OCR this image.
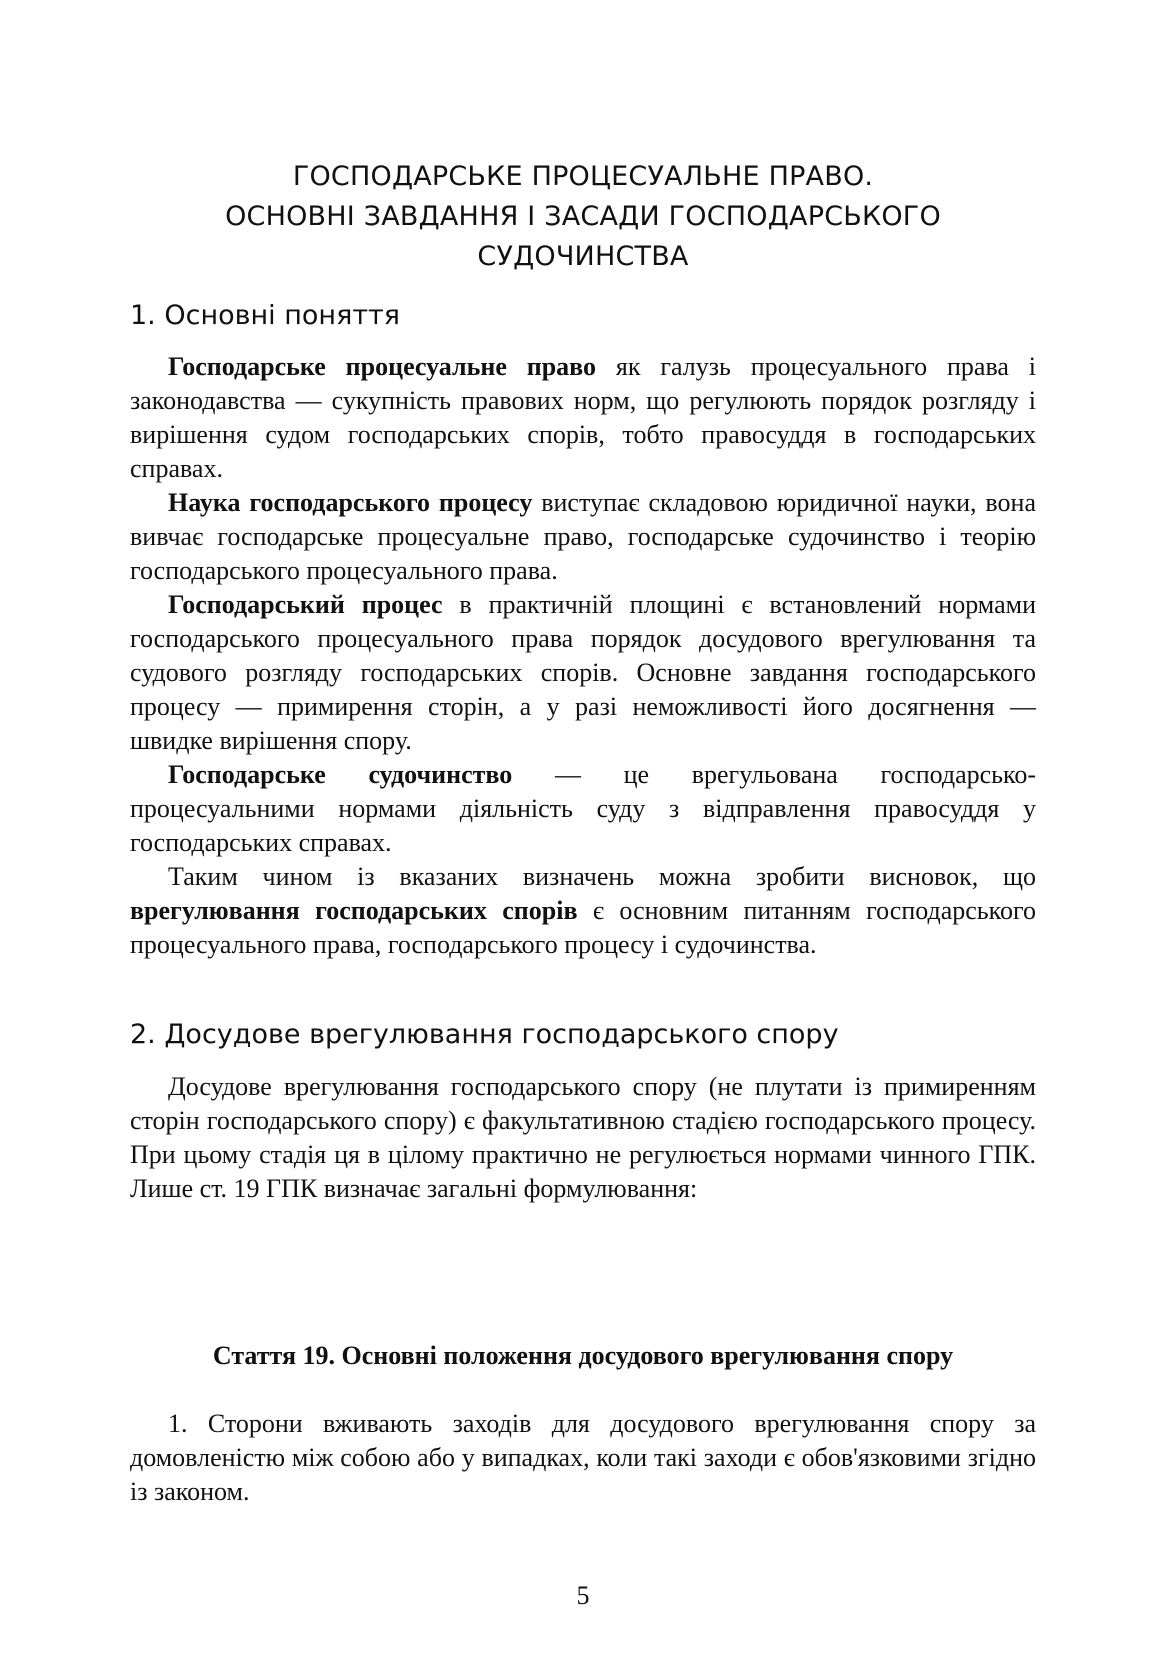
ГОСПОДАРСЬКЕ ПРОЦЕСУАЛЬНЕ ПРАВО.
ОСНОВНІ ЗАВДАННЯ І ЗАСАДИ ГОСПОДАРСЬКОГО
СУДОЧИНСТВА
1. Основні поняття

Господарське процесуальне право як галузь процесуального права і законодавства — сукупність правових норм, що регулюють порядок розгляду і вирішення судом господарських спорів, тобто правосуддя в господарських справах.

Наука господарського процесу виступає складовою юридичної науки, вона вивчає господарське процесуальне право, господарське судочинство і теорію господарського процесуального права.

Господарський процес в практичній площині є встановлений нормами господарського процесуального права порядок досудового врегулювання та судового розгляду господарських спорів. Основне завдання господарського процесу — примирення сторін, а у разі неможливості його досягнення — швидке вирішення спору.

Господарське судочинство — це врегульована господарсько-процесуальними нормами діяльність суду з відправлення правосуддя у господарських справах.

Таким чином із вказаних визначень можна зробити висновок, що врегулювання господарських спорів є основним питанням господарського процесуального права, господарського процесу і судочинства.

2. Досудове врегулювання господарського спору

Досудове врегулювання господарського спору (не плутати із примиренням сторін господарського спору) є факультативною стадією господарського процесу. При цьому стадія ця в цілому практично не регулюється нормами чинного ГПК. Лише ст. 19 ГПК визначає загальні формулювання:

Стаття 19. Основні положення досудового врегулювання спору

1. Сторони вживають заходів для досудового врегулювання спору за домовленістю між собою або у випадках, коли такі заходи є обов'язковими згідно із законом.

5
